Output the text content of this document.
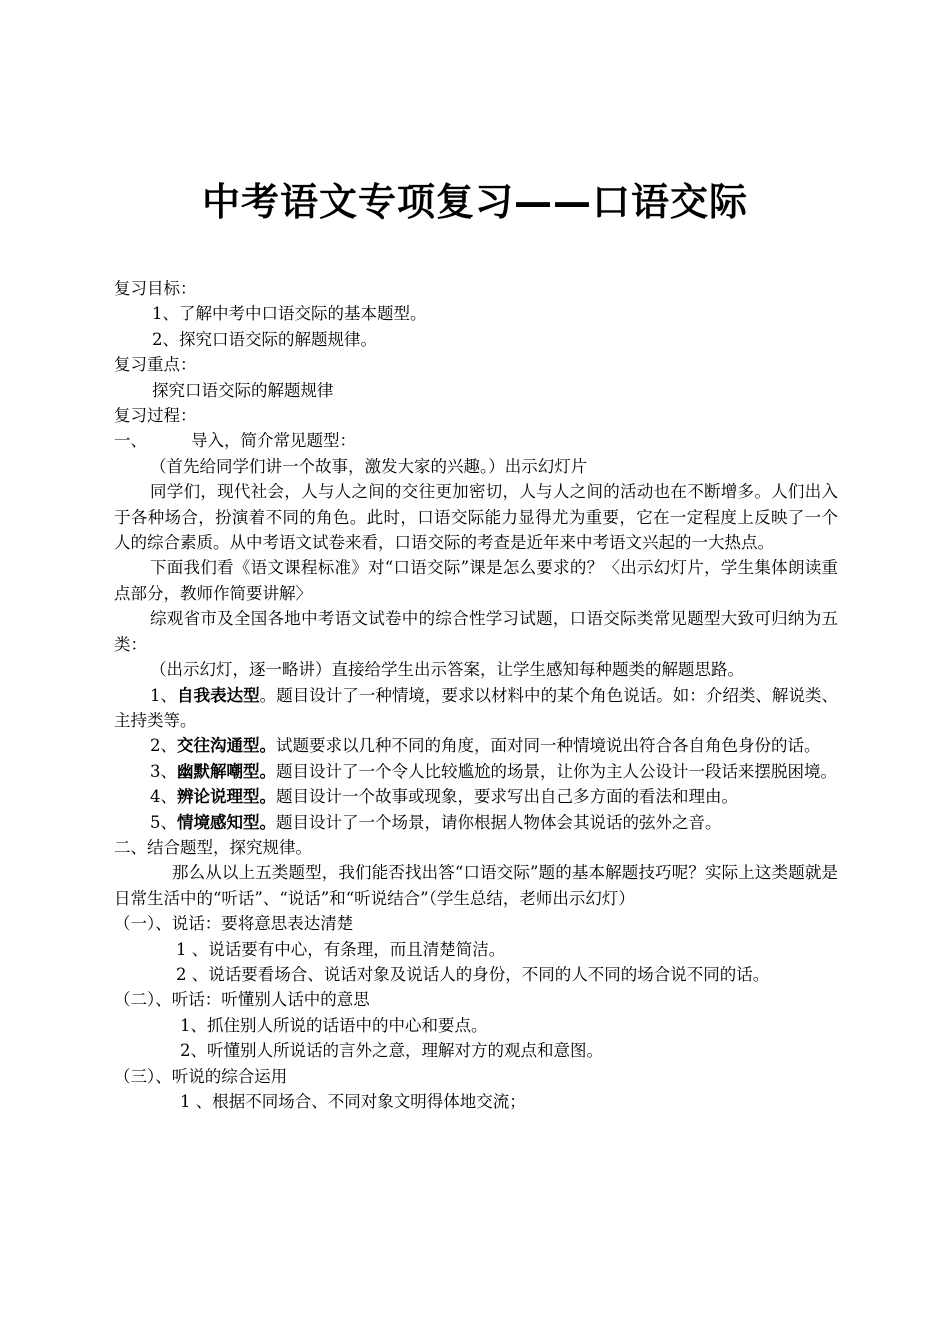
中考语文专项复习——口语交际

复习目标：

1、了解中考中口语交际的基本题型。

2、探究口语交际的解题规律。

复习重点：

探究口语交际的解题规律

复习过程：

一、	导入，简介常见题型：

（首先给同学们讲一个故事，激发大家的兴趣。）出示幻灯片

同学们，现代社会，人与人之间的交往更加密切，人与人之间的活动也在不断增多。人们出入于各种场合，扮演着不同的角色。此时，口语交际能力显得尤为重要，它在一定程度上反映了一个人的综合素质。从中考语文试卷来看，口语交际的考查是近年来中考语文兴起的一大热点。

下面我们看《语文课程标准》对“口语交际”课是怎么要求的？〈出示幻灯片，学生集体朗读重点部分，教师作简要讲解〉

综观省市及全国各地中考语文试卷中的综合性学习试题，口语交际类常见题型大致可归纳为五类：

（出示幻灯，逐一略讲）直接给学生出示答案，让学生感知每种题类的解题思路。

1、自我表达型。题目设计了一种情境，要求以材料中的某个角色说话。如：介绍类、解说类、主持类等。

2、交往沟通型。试题要求以几种不同的角度，面对同一种情境说出符合各自角色身份的话。

3、幽默解嘲型。题目设计了一个令人比较尴尬的场景，让你为主人公设计一段话来摆脱困境。

4、辨论说理型。题目设计一个故事或现象，要求写出自己多方面的看法和理由。

5、情境感知型。题目设计了一个场景，请你根据人物体会其说话的弦外之音。

二、结合题型，探究规律。

那么从以上五类题型，我们能否找出答“口语交际”题的基本解题技巧呢？实际上这类题就是日常生活中的“听话”、“说话”和“听说结合”（学生总结，老师出示幻灯）

（一）、说话：要将意思表达清楚

1 、说话要有中心，有条理，而且清楚简洁。

2 、说话要看场合、说话对象及说话人的身份，不同的人不同的场合说不同的话。

（二）、听话：听懂别人话中的意思

1、抓住别人所说的话语中的中心和要点。

2、听懂别人所说话的言外之意，理解对方的观点和意图。

（三）、听说的综合运用

1 、根据不同场合、不同对象文明得体地交流；
